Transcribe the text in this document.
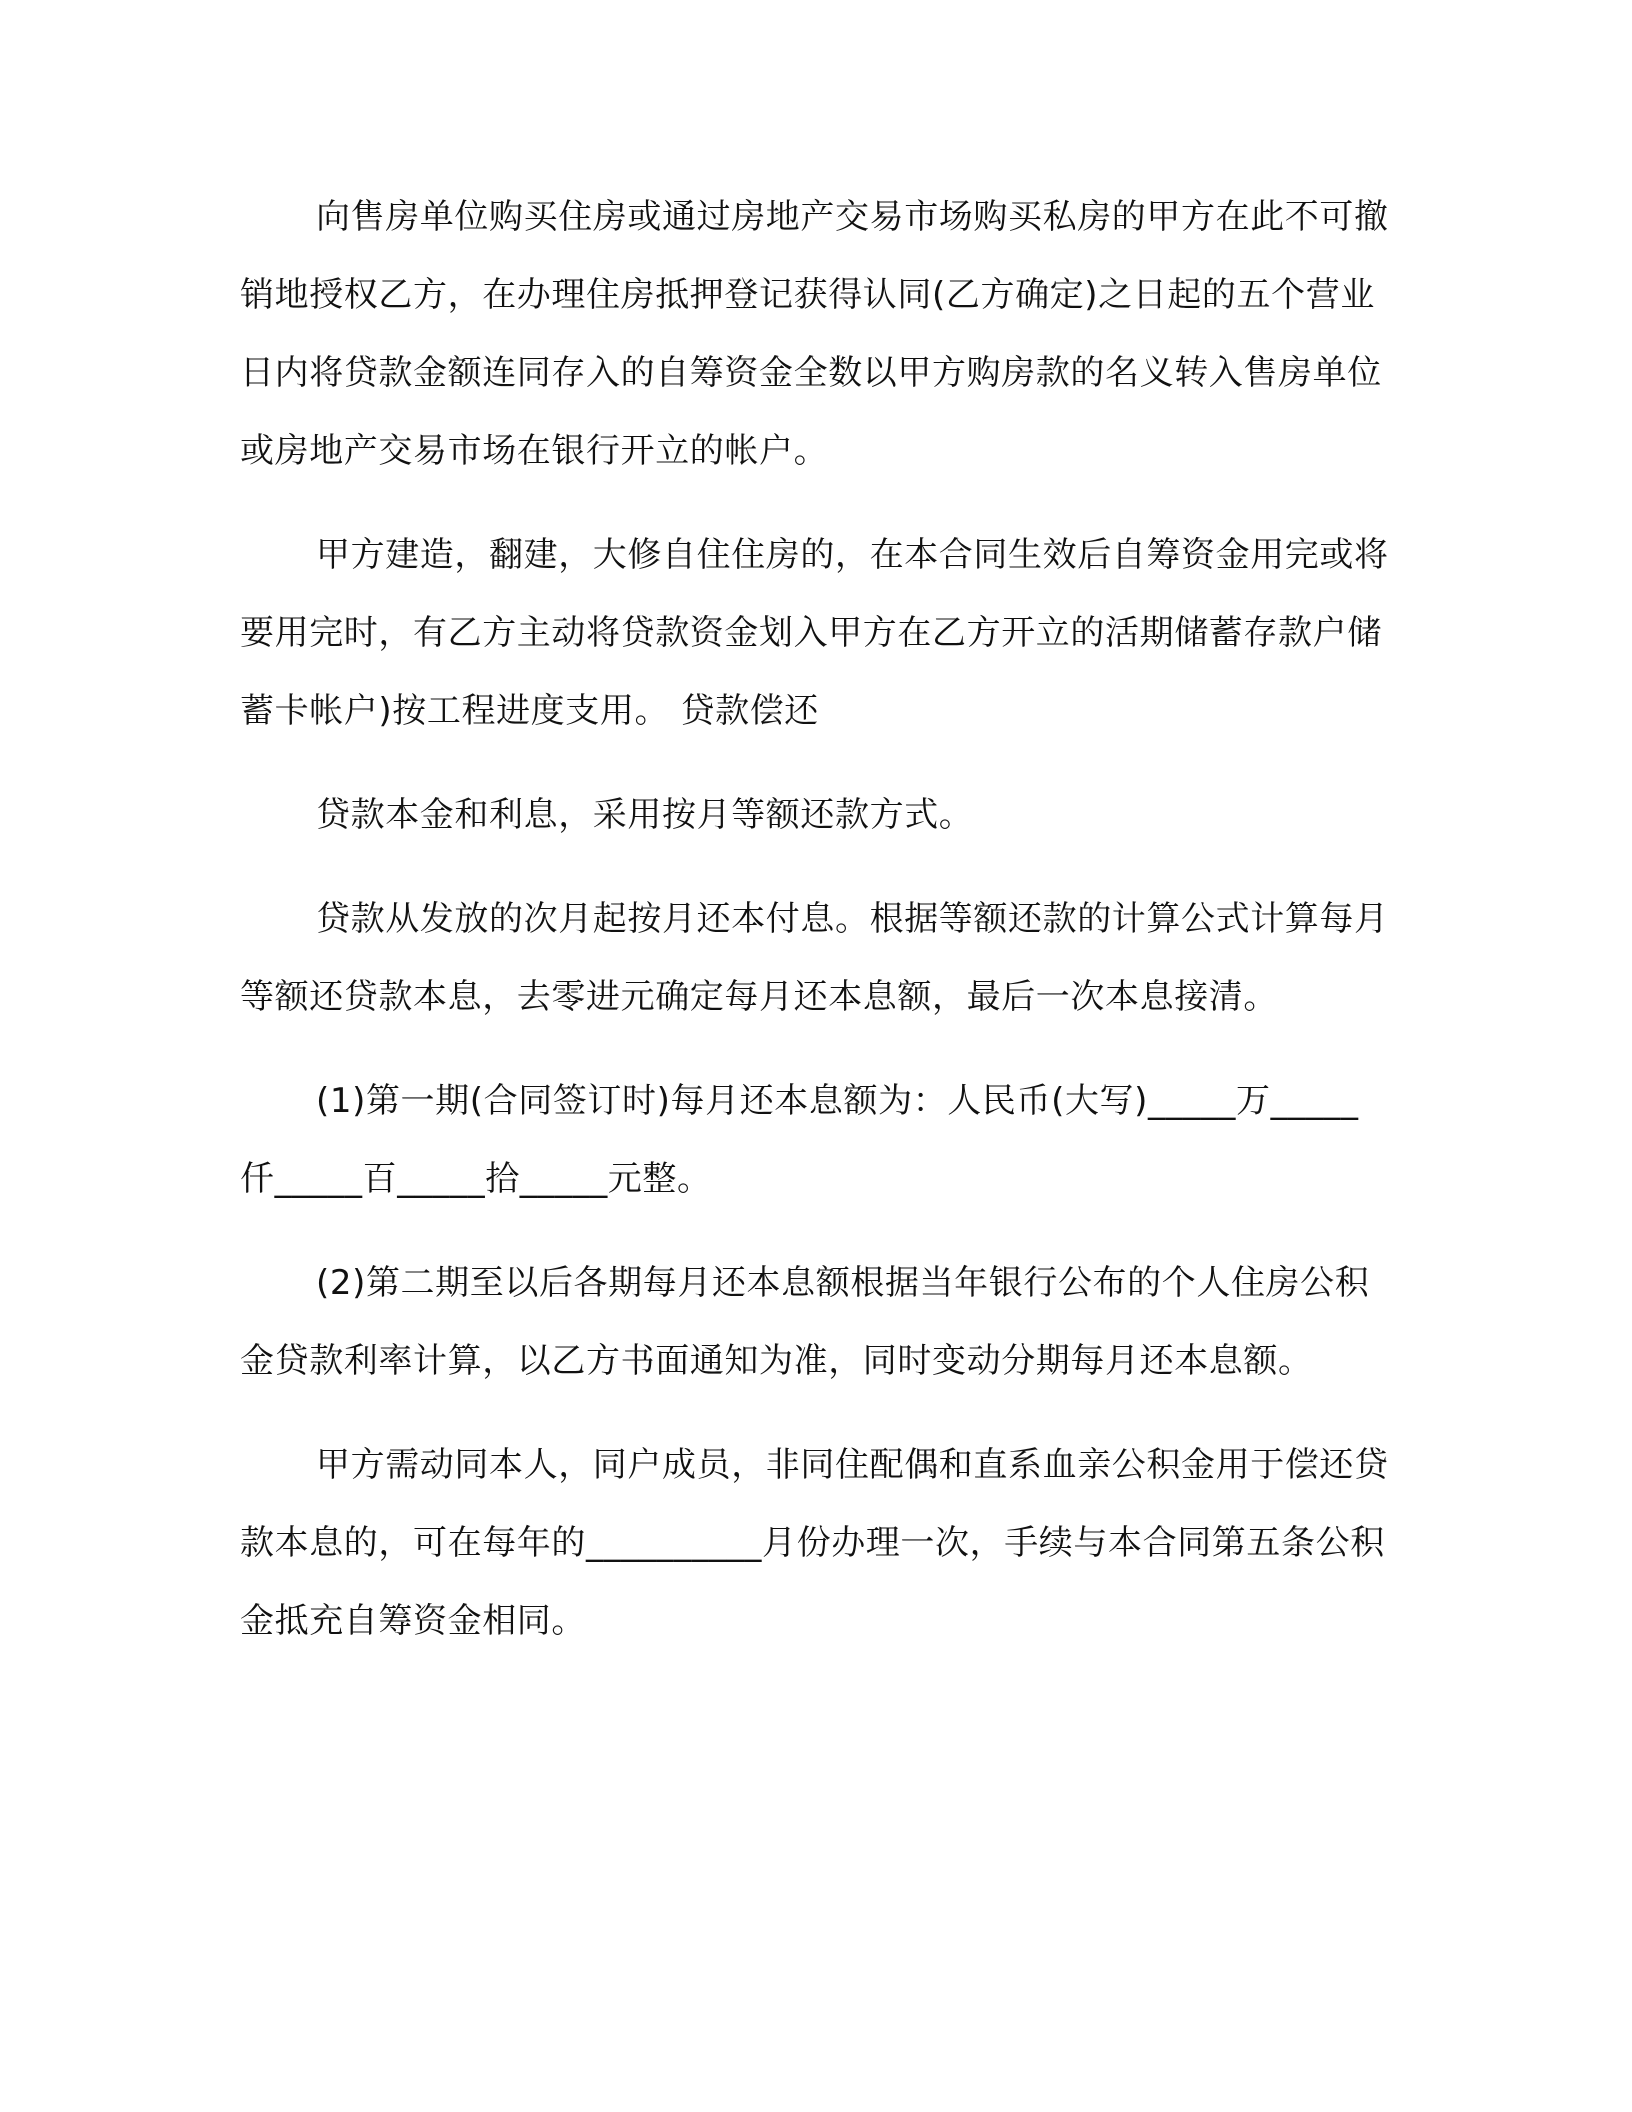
向售房单位购买住房或通过房地产交易市场购买私房的甲方在此不可撤销地授权乙方，在办理住房抵押登记获得认同(乙方确定)之日起的五个营业日内将贷款金额连同存入的自筹资金全数以甲方购房款的名义转入售房单位或房地产交易市场在银行开立的帐户。

甲方建造，翻建，大修自住住房的，在本合同生效后自筹资金用完或将要用完时，有乙方主动将贷款资金划入甲方在乙方开立的活期储蓄存款户储蓄卡帐户)按工程进度支用。 贷款偿还

贷款本金和利息，采用按月等额还款方式。

贷款从发放的次月起按月还本付息。根据等额还款的计算公式计算每月等额还贷款本息，去零进元确定每月还本息额，最后一次本息接清。

(1)第一期(合同签订时)每月还本息额为：人民币(大写)_____万_____仟_____百_____拾_____元整。

(2)第二期至以后各期每月还本息额根据当年银行公布的个人住房公积金贷款利率计算，以乙方书面通知为准，同时变动分期每月还本息额。

甲方需动同本人，同户成员，非同住配偶和直系血亲公积金用于偿还贷款本息的，可在每年的__________月份办理一次，手续与本合同第五条公积金抵充自筹资金相同。
